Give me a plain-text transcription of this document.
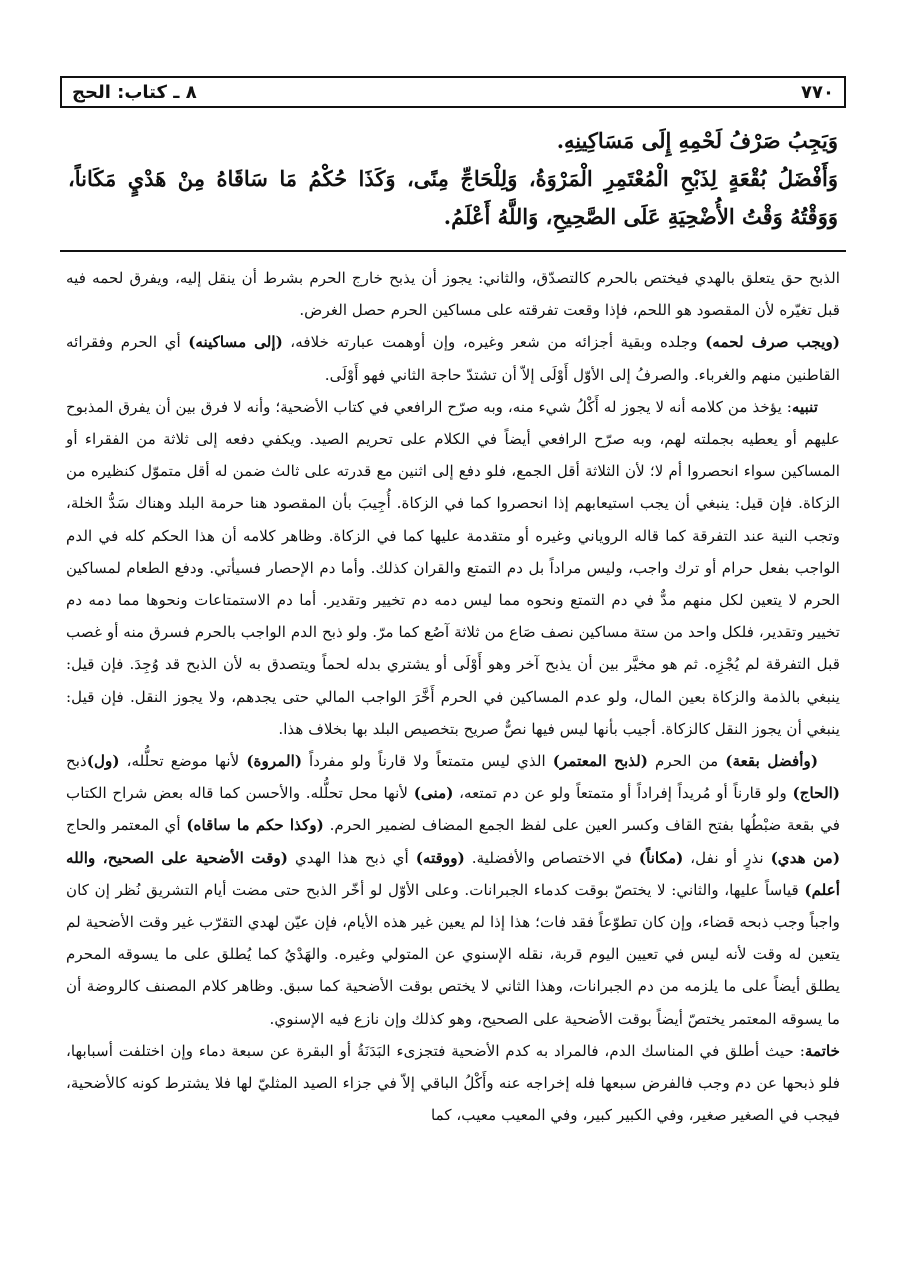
٧٧٠
٨ ـ كتاب: الحج

وَيَجِبُ صَرْفُ لَحْمِهِ إِلَى مَسَاكِينِهِ.

وَأَفْضَلُ بُقْعَةٍ لِذَبْحِ الْمُعْتَمِرِ الْمَرْوَةُ، وَلِلْحَاجِّ مِنًى، وَكَذَا حُكْمُ مَا سَاقَاهُ مِنْ هَدْيٍ مَكَاناً، وَوَقْتُهُ وَقْتُ الأُضْحِيَةِ عَلَى الصَّحِيحِ، وَاللَّهُ أَعْلَمُ.

الذبح حق يتعلق بالهدي فيختص بالحرم كالتصدّق، والثاني: يجوز أن يذبح خارج الحرم بشرط أن ينقل إليه، ويفرق لحمه فيه قبل تغيّره لأن المقصود هو اللحم، فإذا وقعت تفرقته على مساكين الحرم حصل الغرض.

(ويجب صرف لحمه) وجلده وبقية أجزائه من شعر وغيره، وإن أوهمت عبارته خلافه، (إلى مساكينه) أي الحرم وفقرائه القاطنين منهم والغرباء. والصرفُ إلى الأوّل أَوْلَى إلاّ أن تشتدّ حاجة الثاني فهو أَوْلَى.

تنبيه: يؤخذ من كلامه أنه لا يجوز له أَكْلُ شيء منه، وبه صرّح الرافعي في كتاب الأضحية؛ وأنه لا فرق بين أن يفرق المذبوح عليهم أو يعطيه بجملته لهم، وبه صرّح الرافعي أيضاً في الكلام على تحريم الصيد. ويكفي دفعه إلى ثلاثة من الفقراء أو المساكين سواء انحصروا أم لا؛ لأن الثلاثة أقل الجمع، فلو دفع إلى اثنين مع قدرته على ثالث ضمن له أقل متموّل كنظيره من الزكاة. فإن قيل: ينبغي أن يجب استيعابهم إذا انحصروا كما في الزكاة. أُجِيبَ بأن المقصود هنا حرمة البلد وهناك سَدُّ الخلة، وتجب النية عند التفرقة كما قاله الروياني وغيره أو متقدمة عليها كما في الزكاة. وظاهر كلامه أن هذا الحكم كله في الدم الواجب بفعل حرام أو ترك واجب، وليس مراداً بل دم التمتع والقران كذلك. وأما دم الإحصار فسيأتي. ودفع الطعام لمساكين الحرم لا يتعين لكل منهم مدٌّ في دم التمتع ونحوه مما ليس دمه دم تخيير وتقدير. أما دم الاستمتاعات ونحوها مما دمه دم تخيير وتقدير، فلكل واحد من ستة مساكين نصف صَاع من ثلاثة آصُع كما مرّ. ولو ذبح الدم الواجب بالحرم فسرق منه أو غصب قبل التفرقة لم يُجْزِه. ثم هو مخيَّر بين أن يذبح آخر وهو أَوْلَى أو يشتري بدله لحماً ويتصدق به لأن الذبح قد وُجِدَ. فإن قيل: ينبغي بالذمة والزكاة بعين المال، ولو عدم المساكين في الحرم أَخَّرَ الواجب المالي حتى يجدهم، ولا يجوز النقل. فإن قيل: ينبغي أن يجوز النقل كالزكاة. أجيب بأنها ليس فيها نصٌّ صريح بتخصيص البلد بها بخلاف هذا.

(وأفضل بقعة) من الحرم (لذبح المعتمر) الذي ليس متمتعاً ولا قارناً ولو مفرداً (المروة) لأنها موضع تحلُّله، (ول)ذبح (الحاج) ولو قارناً أو مُريداً إفراداً أو متمتعاً ولو عن دم تمتعه، (منى) لأنها محل تحلُّله. والأحسن كما قاله بعض شراح الكتاب في بقعة ضبْطُها بفتح القاف وكسر العين على لفظ الجمع المضاف لضمير الحرم. (وكذا حكم ما ساقاه) أي المعتمر والحاج (من هدي) نذرٍ أو نفل، (مكاناً) في الاختصاص والأفضلية. (ووقته) أي ذبح هذا الهدي (وقت الأضحية على الصحيح، والله أعلم) قياساً عليها، والثاني: لا يختصّ بوقت كدماء الجبرانات. وعلى الأوّل لو أخّر الذبح حتى مضت أيام التشريق نُظر إن كان واجباً وجب ذبحه قضاء، وإن كان تطوّعاً فقد فات؛ هذا إذا لم يعين غير هذه الأيام، فإن عيّن لهدي التقرّب غير وقت الأضحية لم يتعين له وقت لأنه ليس في تعيين اليوم قربة، نقله الإسنوي عن المتولي وغيره. والهَدْيُ كما يُطلق على ما يسوقه المحرم يطلق أيضاً على ما يلزمه من دم الجبرانات، وهذا الثاني لا يختص بوقت الأضحية كما سبق. وظاهر كلام المصنف كالروضة أن ما يسوقه المعتمر يختصّ أيضاً بوقت الأضحية على الصحيح، وهو كذلك وإن نازع فيه الإسنوي.

خاتمة: حيث أطلق في المناسك الدم، فالمراد به كدم الأضحية فتجزىء البَدَنَةُ أو البقرة عن سبعة دماء وإن اختلفت أسبابها، فلو ذبحها عن دم وجب فالفرض سبعها فله إخراجه عنه وأَكْلُ الباقي إلاّ في جزاء الصيد المثليّ لها فلا يشترط كونه كالأضحية، فيجب في الصغير صغير، وفي الكبير كبير، وفي المعيب معيب، كما
